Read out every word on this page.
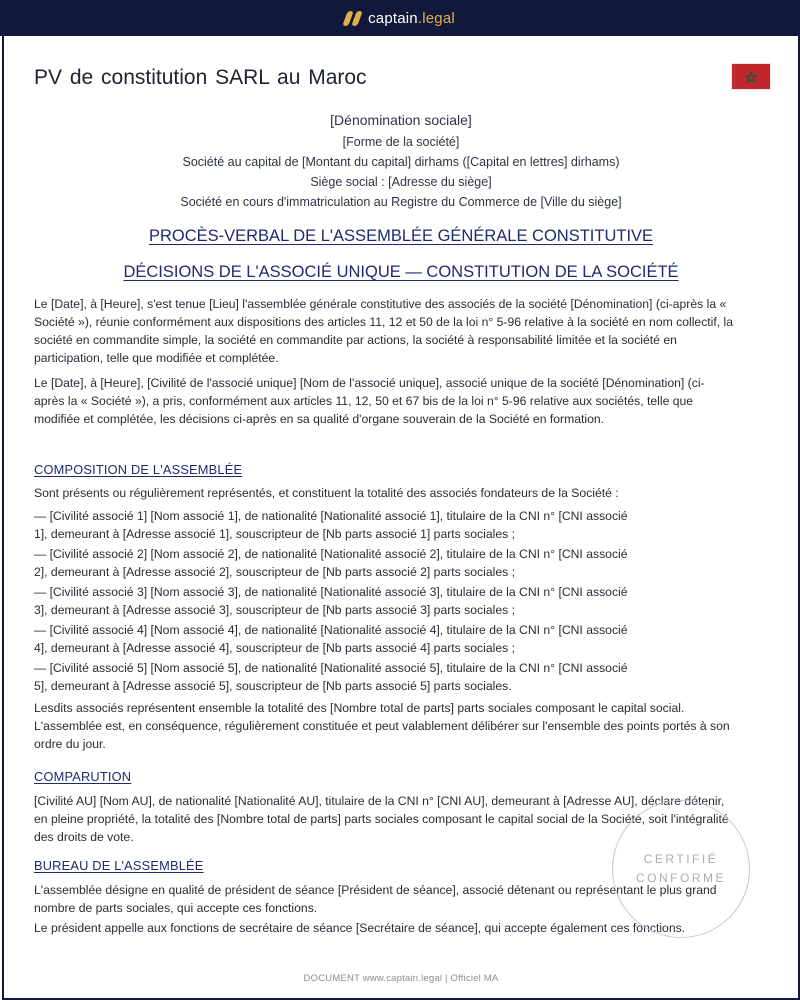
captain.legal
PV de constitution SARL au Maroc
[Dénomination sociale]
[Forme de la société]
Société au capital de [Montant du capital] dirhams ([Capital en lettres] dirhams)
Siège social : [Adresse du siège]
Société en cours d'immatriculation au Registre du Commerce de [Ville du siège]
PROCÈS-VERBAL DE L'ASSEMBLÉE GÉNÉRALE CONSTITUTIVE
DÉCISIONS DE L'ASSOCIÉ UNIQUE — CONSTITUTION DE LA SOCIÉTÉ

Le [Date], à [Heure], s'est tenue [Lieu] l'assemblée générale constitutive des associés de la société [Dénomination] (ci-après la « Société »), réunie conformément aux dispositions des articles 11, 12 et 50 de la loi n° 5-96 relative à la société en nom collectif, la société en commandite simple, la société en commandite par actions, la société à responsabilité limitée et la société en participation, telle que modifiée et complétée.

Le [Date], à [Heure], [Civilité de l'associé unique] [Nom de l'associé unique], associé unique de la société [Dénomination] (ci-après la « Société »), a pris, conformément aux articles 11, 12, 50 et 67 bis de la loi n° 5-96 relative aux sociétés, telle que modifiée et complétée, les décisions ci-après en sa qualité d'organe souverain de la Société en formation.

COMPOSITION DE L'ASSEMBLÉE
Sont présents ou régulièrement représentés, et constituent la totalité des associés fondateurs de la Société :
— [Civilité associé 1] [Nom associé 1], de nationalité [Nationalité associé 1], titulaire de la CNI n° [CNI associé
1], demeurant à [Adresse associé 1], souscripteur de [Nb parts associé 1] parts sociales ;
— [Civilité associé 2] [Nom associé 2], de nationalité [Nationalité associé 2], titulaire de la CNI n° [CNI associé
2], demeurant à [Adresse associé 2], souscripteur de [Nb parts associé 2] parts sociales ;
— [Civilité associé 3] [Nom associé 3], de nationalité [Nationalité associé 3], titulaire de la CNI n° [CNI associé
3], demeurant à [Adresse associé 3], souscripteur de [Nb parts associé 3] parts sociales ;
— [Civilité associé 4] [Nom associé 4], de nationalité [Nationalité associé 4], titulaire de la CNI n° [CNI associé
4], demeurant à [Adresse associé 4], souscripteur de [Nb parts associé 4] parts sociales ;
— [Civilité associé 5] [Nom associé 5], de nationalité [Nationalité associé 5], titulaire de la CNI n° [CNI associé
5], demeurant à [Adresse associé 5], souscripteur de [Nb parts associé 5] parts sociales.

Lesdits associés représentent ensemble la totalité des [Nombre total de parts] parts sociales composant le capital social. L'assemblée est, en conséquence, régulièrement constituée et peut valablement délibérer sur l'ensemble des points portés à son ordre du jour.

COMPARUTION

[Civilité AU] [Nom AU], de nationalité [Nationalité AU], titulaire de la CNI n° [CNI AU], demeurant à [Adresse AU], déclare détenir, en pleine propriété, la totalité des [Nombre total de parts] parts sociales composant le capital social de la Société, soit l'intégralité des droits de vote.

BUREAU DE L'ASSEMBLÉE

L'assemblée désigne en qualité de président de séance [Président de séance], associé détenant ou représentant le plus grand nombre de parts sociales, qui accepte ces fonctions.

Le président appelle aux fonctions de secrétaire de séance [Secrétaire de séance], qui accepte également ces fonctions.

CERTIFIÉ
CONFORME
DOCUMENT www.captain.legal | Officiel MA
